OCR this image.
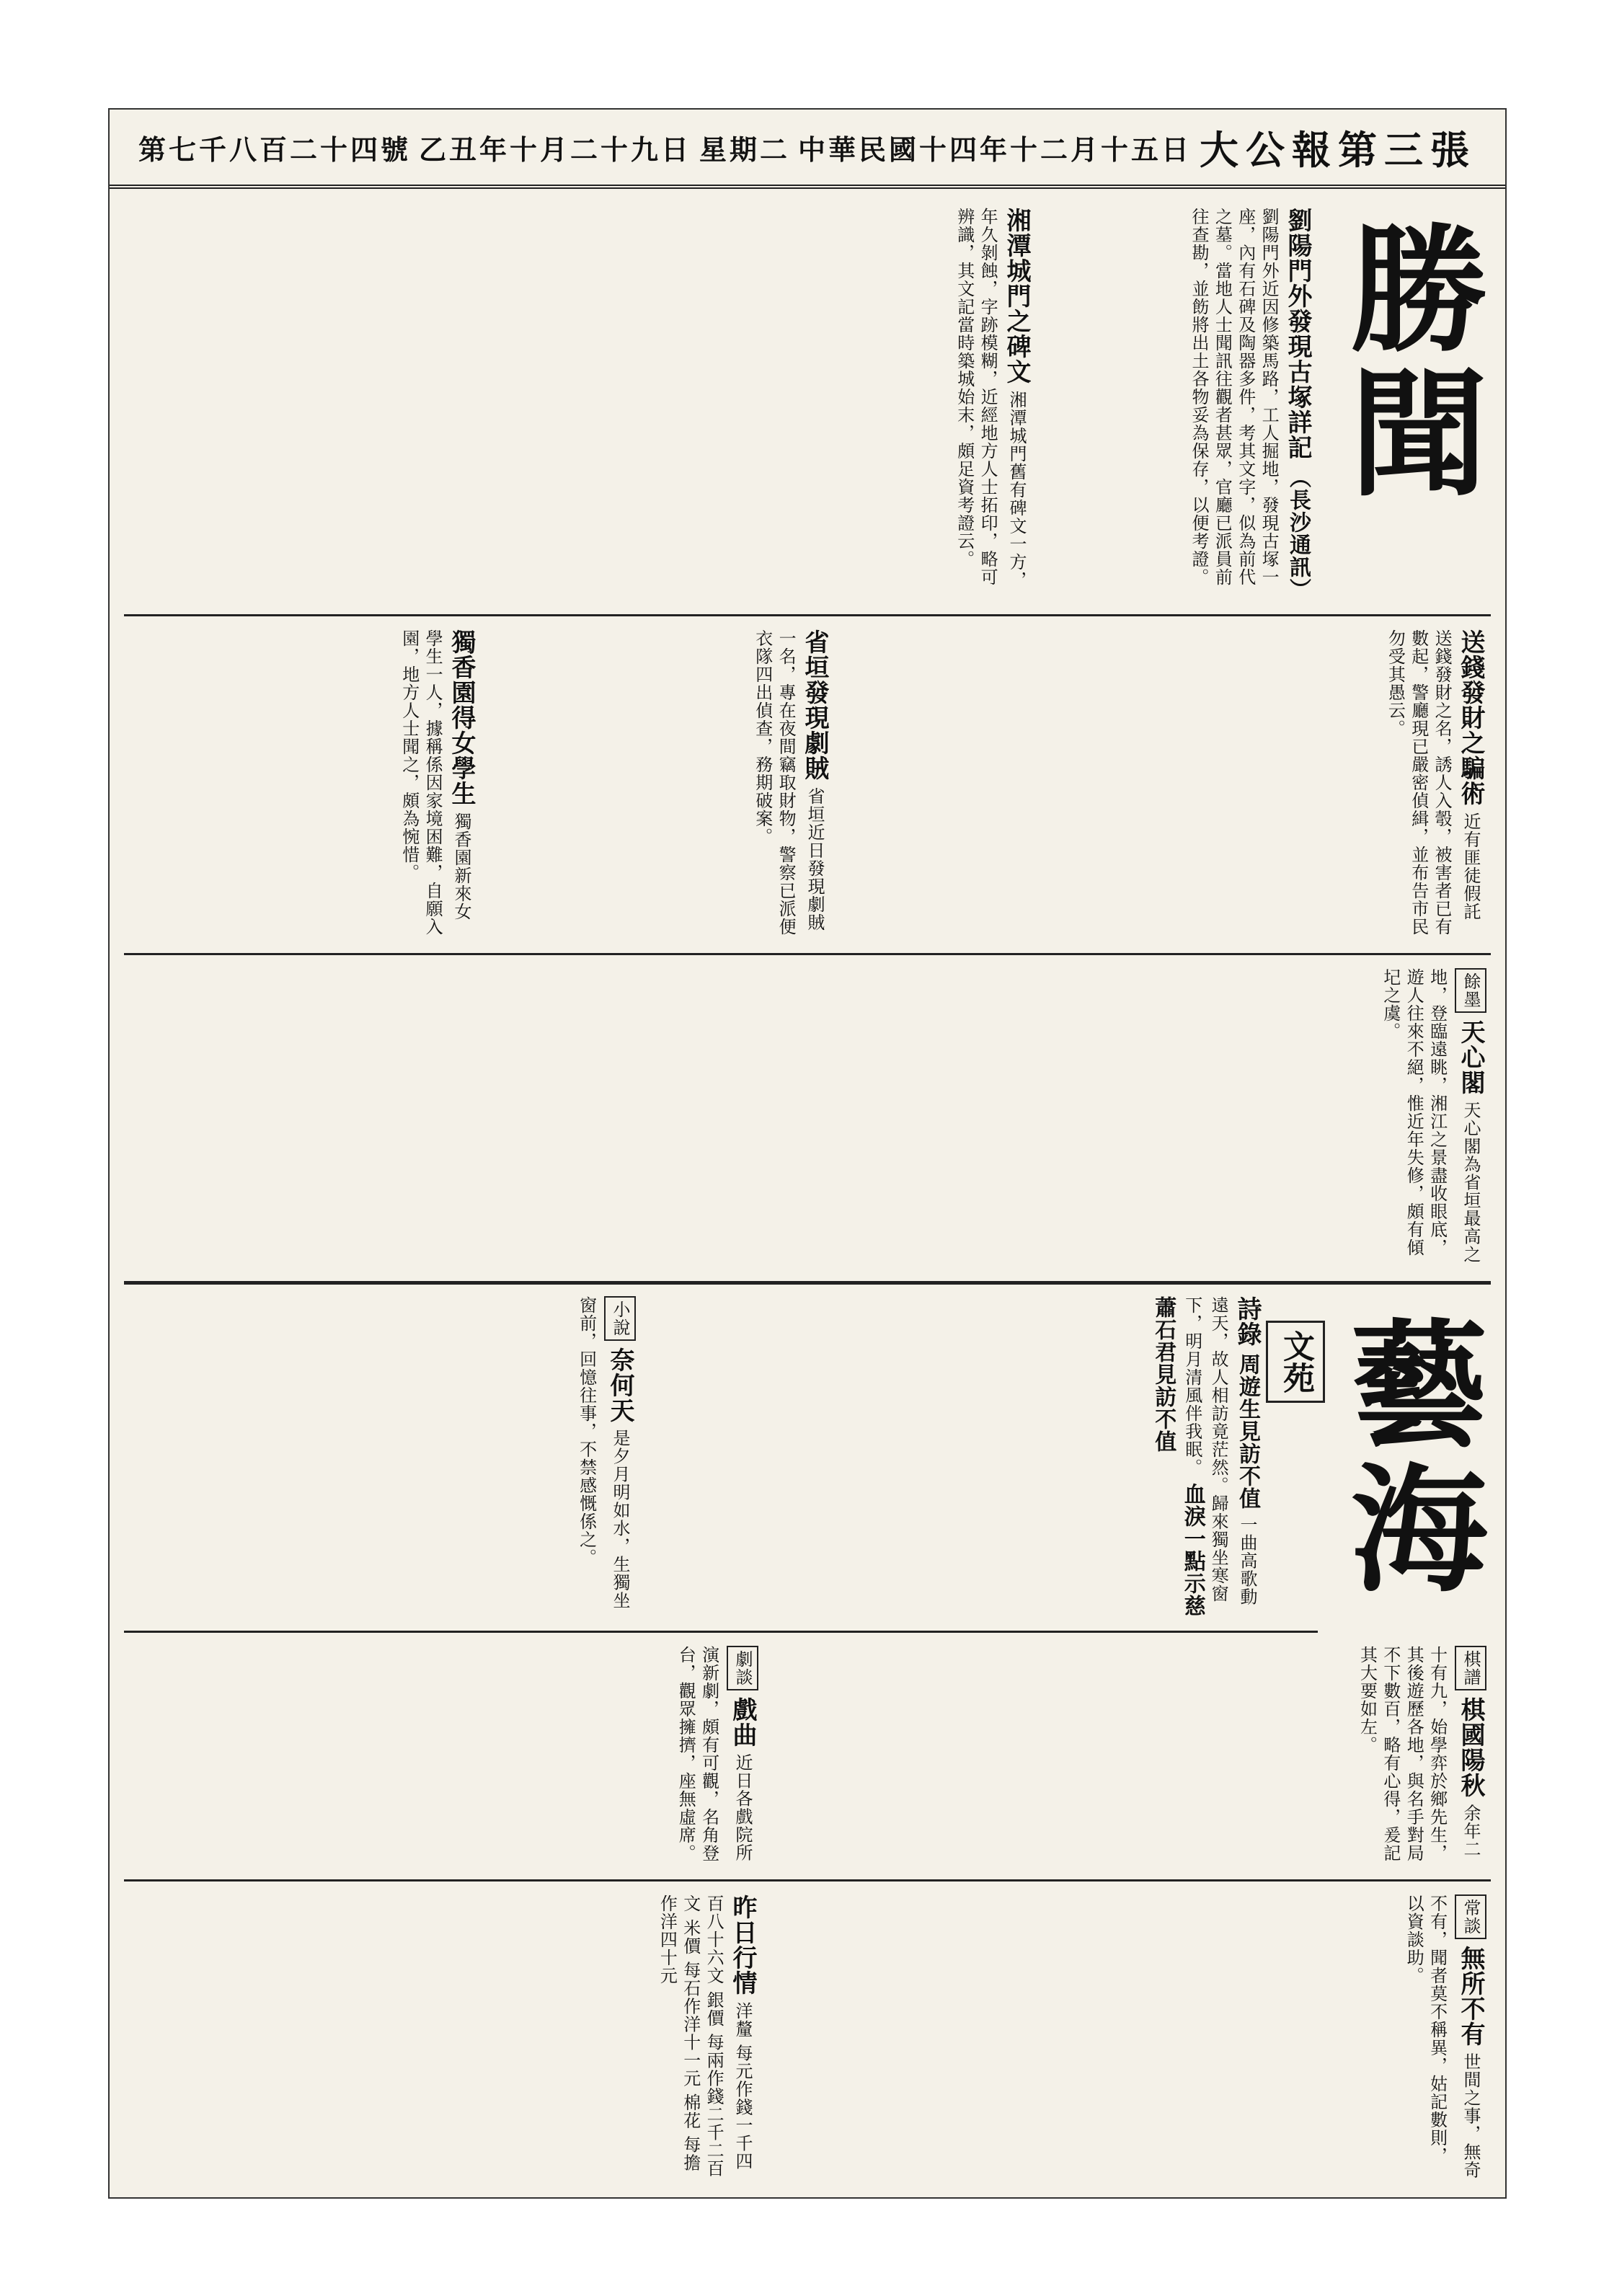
大公報第三張
中華民國十四年十二月十五日
星期二
乙丑年十月二十九日
第七千八百二十四號
勝聞
劉陽門外發現古塚詳記 （長沙通訊） 劉陽門外近因修築馬路，工人掘地，發現古塚一座，內有石碑及陶器多件，考其文字，似為前代之墓。當地人士聞訊往觀者甚眾，官廳已派員前往查勘，並飭將出土各物妥為保存，以便考證。
湘潭城門之碑文 湘潭城門舊有碑文一方，年久剝蝕，字跡模糊，近經地方人士拓印，略可辨識，其文記當時築城始末，頗足資考證云。
送錢發財之騙術 近有匪徒假託送錢發財之名，誘人入彀，被害者已有數起，警廳現已嚴密偵緝，並布告市民勿受其愚云。
省垣發現劇賊 省垣近日發現劇賊一名，專在夜間竊取財物，警察已派便衣隊四出偵查，務期破案。
獨香園得女學生 獨香園新來女學生一人，據稱係因家境困難，自願入園，地方人士聞之，頗為惋惜。
餘墨 天心閣 天心閣為省垣最高之地，登臨遠眺，湘江之景盡收眼底，遊人往來不絕，惟近年失修，頗有傾圮之虞。
藝海
文苑
詩錄 周遊生見訪不值 一曲高歌動遠天，故人相訪竟茫然。歸來獨坐寒窗下，明月清風伴我眠。 血淚一點示慈 蕭石君見訪不值
小說 奈何天 是夕月明如水，生獨坐窗前，回憶往事，不禁感慨係之。
棋譜 棋國陽秋 余年二十有九，始學弈於鄉先生，其後遊歷各地，與名手對局不下數百，略有心得，爰記其大要如左。
劇談 戲曲 近日各戲院所演新劇，頗有可觀，名角登台，觀眾擁擠，座無虛席。
常談 無所不有 世間之事，無奇不有，聞者莫不稱異，姑記數則，以資談助。
昨日行情 洋釐 每元作錢一千四百八十六文 銀價 每兩作錢二千二百文 米價 每石作洋十一元 棉花 每擔作洋四十元
